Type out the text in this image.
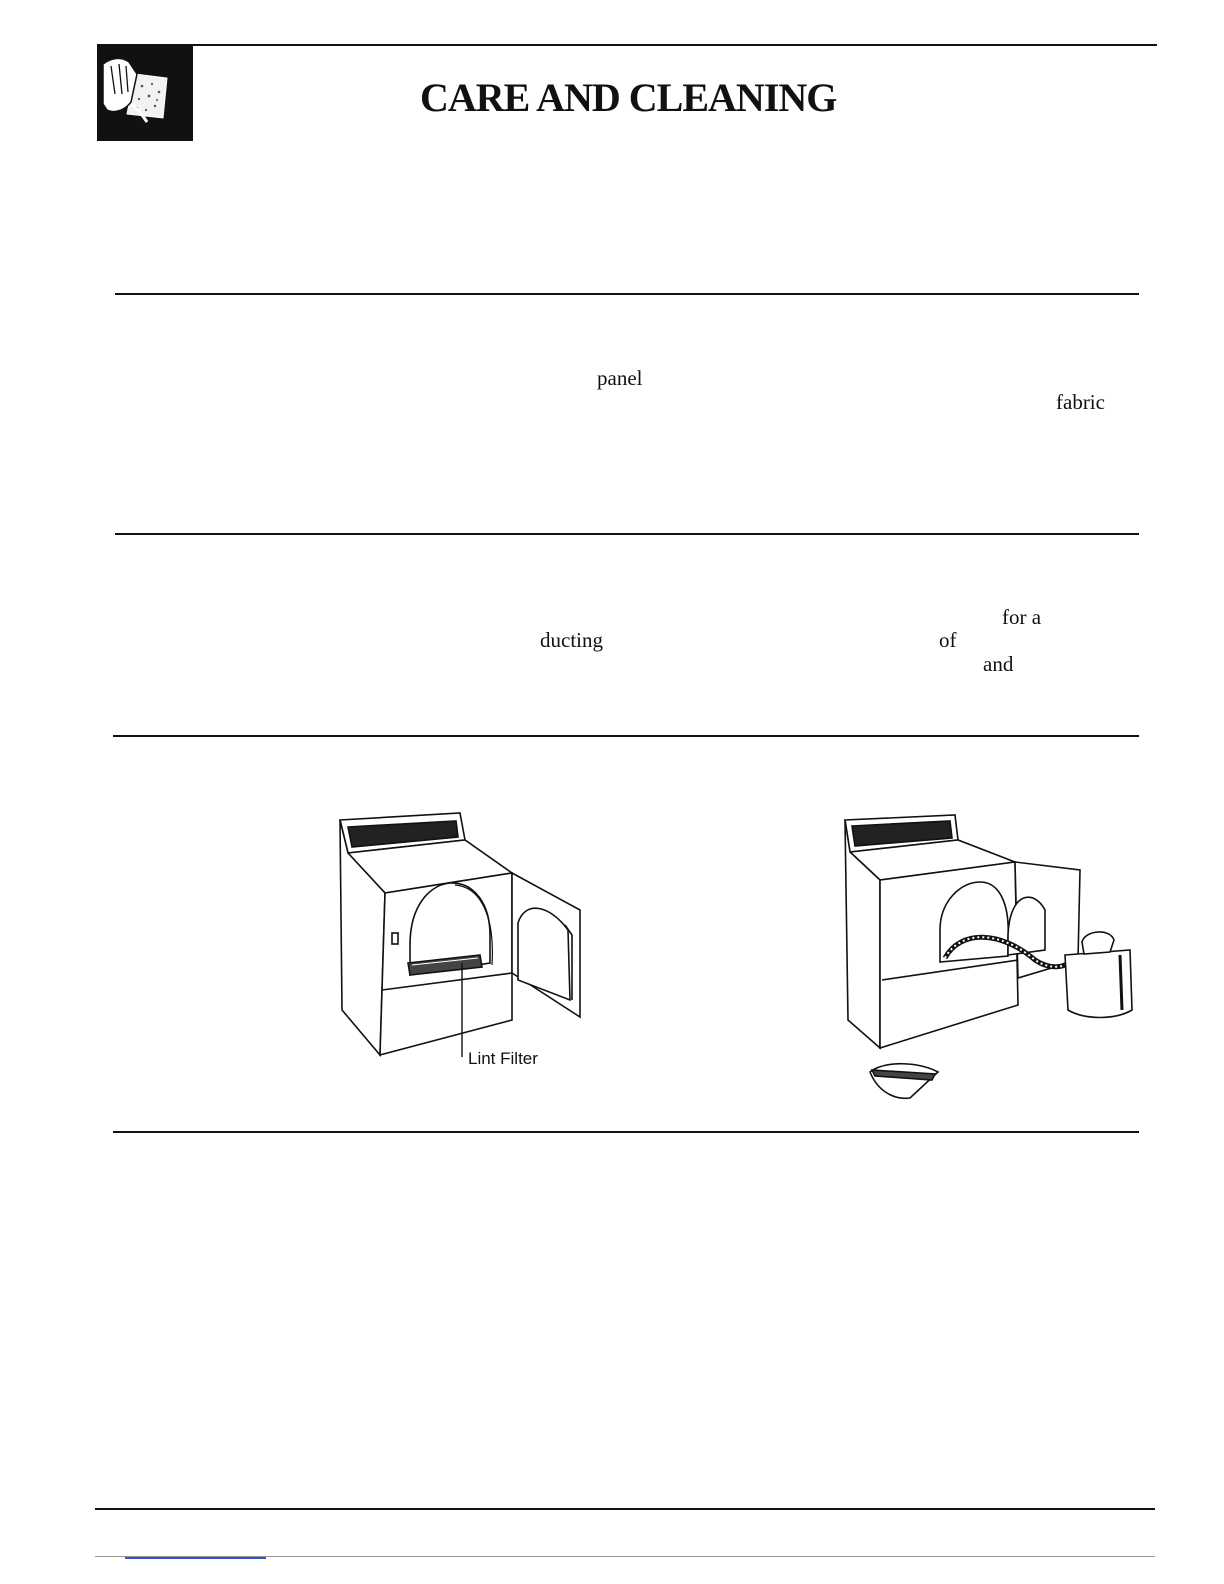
CARE AND CLEANING
panel
fabric
for a
ducting	of
and
Lint Filter
